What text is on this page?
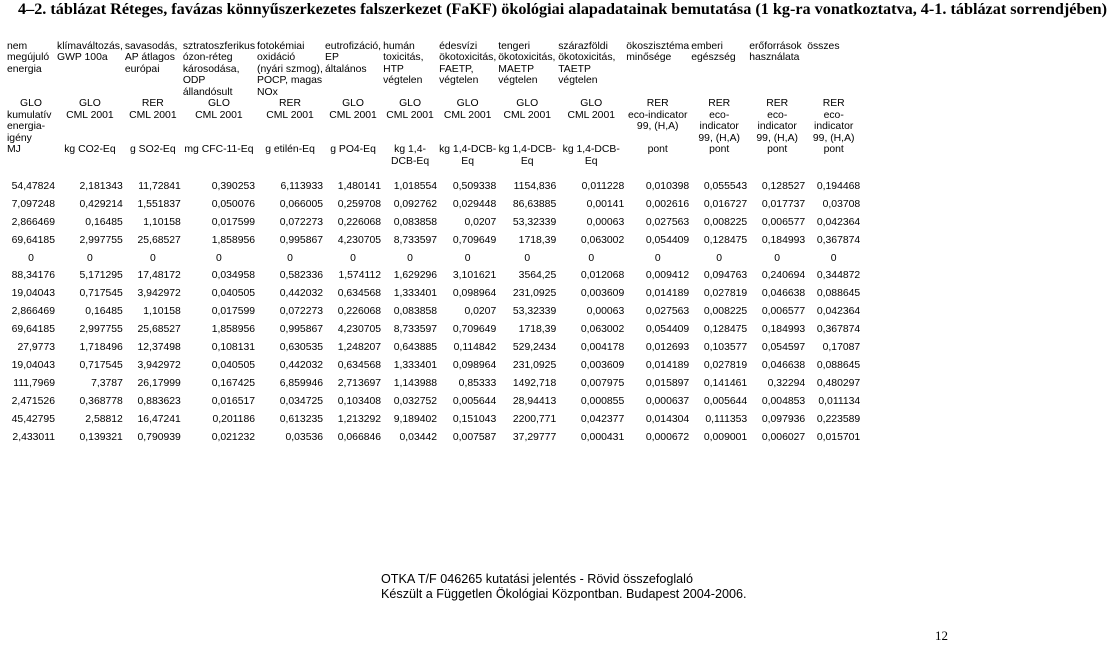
4–2. táblázat Réteges, favázas könnyűszerkezetes falszerkezet (FaKF) ökológiai alapadatainak bemutatása (1 kg-ra vonatkoztatva, 4-1. táblázat sorrendjében)
nem megújuló energia	klímaváltozás, GWP 100a	savasodás, AP átlagos európai	sztratoszferikus ózon-réteg károsodása, ODP állandósult	fotokémiai oxidáció (nyári szmog), POCP, magas NOx	eutrofizáció, EP általános	humán toxicitás, HTP végtelen	édesvízi ökotoxicitás, FAETP, végtelen	tengeri ökotoxicitás, MAETP végtelen	szárazföldi ökotoxicitás, TAETP végtelen	ökoszisztéma minősége	emberi egészség	erőforrások használata	összes
GLO	GLO	RER	GLO	RER	GLO	GLO	GLO	GLO	GLO	RER	RER	RER	RER
kumulatív energia-igény	CML 2001	CML 2001	CML 2001	CML 2001	CML 2001	CML 2001	CML 2001	CML 2001	CML 2001	eco-indicator 99, (H,A)	eco-indicator 99, (H,A)	eco-indicator 99, (H,A)	eco-indicator 99, (H,A)
MJ	kg CO2-Eq	g SO2-Eq	mg CFC-11-Eq	g etilén-Eq	g PO4-Eq	kg 1,4-DCB-Eq	kg 1,4-DCB-Eq	kg 1,4-DCB-Eq	kg 1,4-DCB-Eq	pont	pont	pont	pont

54,47824	2,181343	11,72841	0,390253	6,113933	1,480141	1,018554	0,509338	1154,836	0,011228	0,010398	0,055543	0,128527	0,194468
7,097248	0,429214	1,551837	0,050076	0,066005	0,259708	0,092762	0,029448	86,63885	0,00141	0,002616	0,016727	0,017737	0,03708
2,866469	0,16485	1,10158	0,017599	0,072273	0,226068	0,083858	0,0207	53,32339	0,00063	0,027563	0,008225	0,006577	0,042364
69,64185	2,997755	25,68527	1,858956	0,995867	4,230705	8,733597	0,709649	1718,39	0,063002	0,054409	0,128475	0,184993	0,367874
0	0	0	0	0	0	0	0	0	0	0	0	0	0
88,34176	5,171295	17,48172	0,034958	0,582336	1,574112	1,629296	3,101621	3564,25	0,012068	0,009412	0,094763	0,240694	0,344872
19,04043	0,717545	3,942972	0,040505	0,442032	0,634568	1,333401	0,098964	231,0925	0,003609	0,014189	0,027819	0,046638	0,088645
2,866469	0,16485	1,10158	0,017599	0,072273	0,226068	0,083858	0,0207	53,32339	0,00063	0,027563	0,008225	0,006577	0,042364
69,64185	2,997755	25,68527	1,858956	0,995867	4,230705	8,733597	0,709649	1718,39	0,063002	0,054409	0,128475	0,184993	0,367874
27,9773	1,718496	12,37498	0,108131	0,630535	1,248207	0,643885	0,114842	529,2434	0,004178	0,012693	0,103577	0,054597	0,17087
19,04043	0,717545	3,942972	0,040505	0,442032	0,634568	1,333401	0,098964	231,0925	0,003609	0,014189	0,027819	0,046638	0,088645
111,7969	7,3787	26,17999	0,167425	6,859946	2,713697	1,143988	0,85333	1492,718	0,007975	0,015897	0,141461	0,32294	0,480297
2,471526	0,368778	0,883623	0,016517	0,034725	0,103408	0,032752	0,005644	28,94413	0,000855	0,000637	0,005644	0,004853	0,011134
45,42795	2,58812	16,47241	0,201186	0,613235	1,213292	9,189402	0,151043	2200,771	0,042377	0,014304	0,111353	0,097936	0,223589
2,433011	0,139321	0,790939	0,021232	0,03536	0,066846	0,03442	0,007587	37,29777	0,000431	0,000672	0,009001	0,006027	0,015701
OTKA T/F 046265 kutatási jelentés - Rövid összefoglaló
Készült a Független Ökológiai Központban. Budapest 2004-2006.
12
